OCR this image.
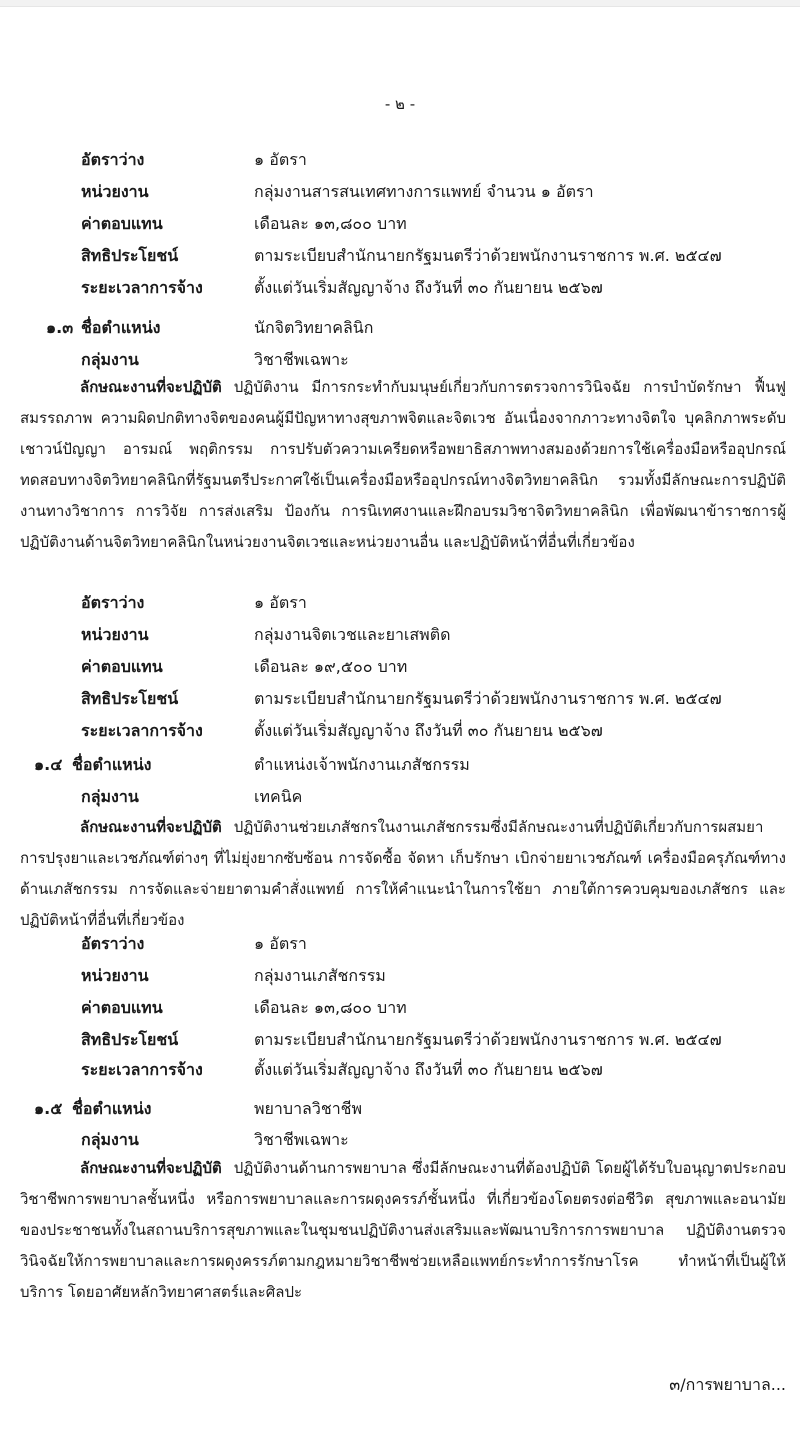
- ๒ -
อัตราว่าง	๑ อัตรา
หน่วยงาน	กลุ่มงานสารสนเทศทางการแพทย์ จำนวน ๑ อัตรา
ค่าตอบแทน	เดือนละ ๑๓,๘๐๐ บาท
สิทธิประโยชน์	ตามระเบียบสำนักนายกรัฐมนตรีว่าด้วยพนักงานราชการ พ.ศ. ๒๕๔๗
ระยะเวลาการจ้าง	ตั้งแต่วันเริ่มสัญญาจ้าง ถึงวันที่ ๓๐ กันยายน ๒๕๖๗
๑.๓ ชื่อตำแหน่ง	นักจิตวิทยาคลินิก
กลุ่มงาน	วิชาชีพเฉพาะ
ลักษณะงานที่จะปฏิบัติ ปฏิบัติงาน มีการกระทำกับมนุษย์เกี่ยวกับการตรวจการวินิจฉัย การบำบัดรักษา ฟื้นฟูสมรรถภาพ ความผิดปกติทางจิตของคนผู้มีปัญหาทางสุขภาพจิตและจิตเวช อันเนื่องจากภาวะทางจิตใจ บุคลิกภาพระดับเชาวน์ปัญญา อารมณ์ พฤติกรรม การปรับตัวความเครียดหรือพยาธิสภาพทางสมองด้วยการใช้เครื่องมือหรืออุปกรณ์ทดสอบทางจิตวิทยาคลินิกที่รัฐมนตรีประกาศใช้เป็นเครื่องมือหรืออุปกรณ์ทางจิตวิทยาคลินิก รวมทั้งมีลักษณะการปฏิบัติงานทางวิชาการ การวิจัย การส่งเสริม ป้องกัน การนิเทศงานและฝึกอบรมวิชาจิตวิทยาคลินิก เพื่อพัฒนาข้าราชการผู้ปฏิบัติงานด้านจิตวิทยาคลินิกในหน่วยงานจิตเวชและหน่วยงานอื่น และปฏิบัติหน้าที่อื่นที่เกี่ยวข้อง
อัตราว่าง	๑ อัตรา
หน่วยงาน	กลุ่มงานจิตเวชและยาเสพติด
ค่าตอบแทน	เดือนละ ๑๙,๕๐๐ บาท
สิทธิประโยชน์	ตามระเบียบสำนักนายกรัฐมนตรีว่าด้วยพนักงานราชการ พ.ศ. ๒๕๔๗
ระยะเวลาการจ้าง	ตั้งแต่วันเริ่มสัญญาจ้าง ถึงวันที่ ๓๐ กันยายน ๒๕๖๗
๑.๔ ชื่อตำแหน่ง	ตำแหน่งเจ้าพนักงานเภสัชกรรม
กลุ่มงาน	เทคนิค
ลักษณะงานที่จะปฏิบัติ ปฏิบัติงานช่วยเภสัชกรในงานเภสัชกรรมซึ่งมีลักษณะงานที่ปฏิบัติเกี่ยวกับการผสมยา การปรุงยาและเวชภัณฑ์ต่างๆ ที่ไม่ยุ่งยากซับซ้อน การจัดซื้อ จัดหา เก็บรักษา เบิกจ่ายยาเวชภัณฑ์ เครื่องมือครุภัณฑ์ทางด้านเภสัชกรรม การจัดและจ่ายยาตามคำสั่งแพทย์ การให้คำแนะนำในการใช้ยา ภายใต้การควบคุมของเภสัชกร และปฏิบัติหน้าที่อื่นที่เกี่ยวข้อง
อัตราว่าง	๑ อัตรา
หน่วยงาน	กลุ่มงานเภสัชกรรม
ค่าตอบแทน	เดือนละ ๑๓,๘๐๐ บาท
สิทธิประโยชน์	ตามระเบียบสำนักนายกรัฐมนตรีว่าด้วยพนักงานราชการ พ.ศ. ๒๕๔๗
ระยะเวลาการจ้าง	ตั้งแต่วันเริ่มสัญญาจ้าง ถึงวันที่ ๓๐ กันยายน ๒๕๖๗
๑.๕ ชื่อตำแหน่ง	พยาบาลวิชาชีพ
กลุ่มงาน	วิชาชีพเฉพาะ
ลักษณะงานที่จะปฏิบัติ ปฏิบัติงานด้านการพยาบาล ซึ่งมีลักษณะงานที่ต้องปฏิบัติ โดยผู้ได้รับใบอนุญาตประกอบวิชาชีพการพยาบาลชั้นหนึ่ง หรือการพยาบาลและการผดุงครรภ์ชั้นหนึ่ง ที่เกี่ยวข้องโดยตรงต่อชีวิต สุขภาพและอนามัยของประชาชนทั้งในสถานบริการสุขภาพและในชุมชนปฏิบัติงานส่งเสริมและพัฒนาบริการการพยาบาล ปฏิบัติงานตรวจวินิจฉัยให้การพยาบาลและการผดุงครรภ์ตามกฎหมายวิชาชีพช่วยเหลือแพทย์กระทำการรักษาโรค ทำหน้าที่เป็นผู้ให้บริการ โดยอาศัยหลักวิทยาศาสตร์และศิลปะ
๓/การพยาบาล...
